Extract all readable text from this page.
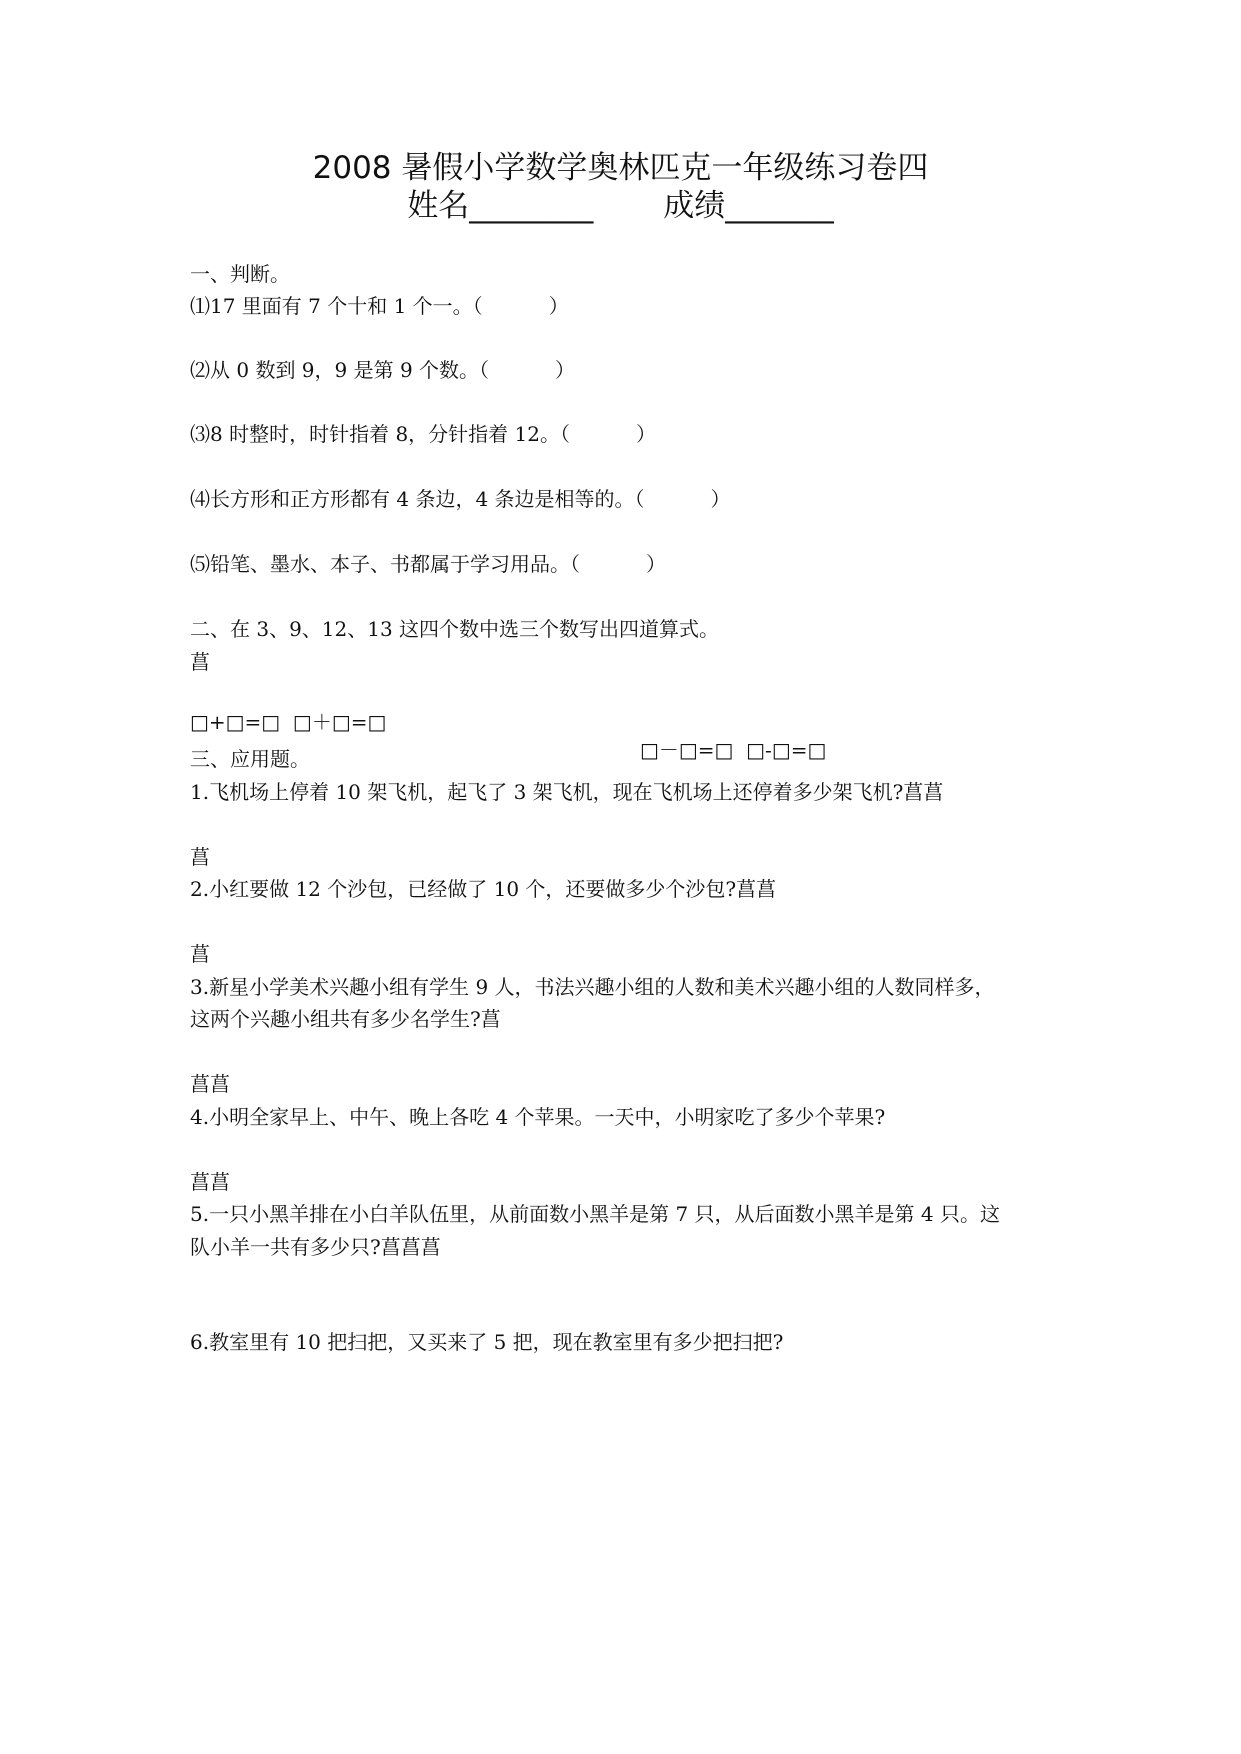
2008 暑假小学数学奥林匹克一年级练习卷四
姓名________ 成绩_______
一、判断。
⑴17 里面有 7 个十和 1 个一。（	）
⑵从 0 数到 9，9 是第 9 个数。（	）
⑶8 时整时，时针指着 8，分针指着 12。（	）
⑷长方形和正方形都有 4 条边，4 条边是相等的。（	）
⑸铅笔、墨水、本子、书都属于学习用品。（	）
二、在 3、9、12、13 这四个数中选三个数写出四道算式。
菖

□+□=□  □＋□=□

□－□=□  □-□=□

三、应用题。
1.飞机场上停着 10 架飞机，起飞了 3 架飞机，现在飞机场上还停着多少架飞机?菖菖
菖
2.小红要做 12 个沙包，已经做了 10 个，还要做多少个沙包?菖菖
菖
3.新星小学美术兴趣小组有学生 9 人，书法兴趣小组的人数和美术兴趣小组的人数同样多，
这两个兴趣小组共有多少名学生?菖
菖菖
4.小明全家早上、中午、晚上各吃 4 个苹果。一天中，小明家吃了多少个苹果?
菖菖
5.一只小黑羊排在小白羊队伍里，从前面数小黑羊是第 7 只，从后面数小黑羊是第 4 只。这
队小羊一共有多少只?菖菖菖
6.教室里有 10 把扫把，又买来了 5 把，现在教室里有多少把扫把?
